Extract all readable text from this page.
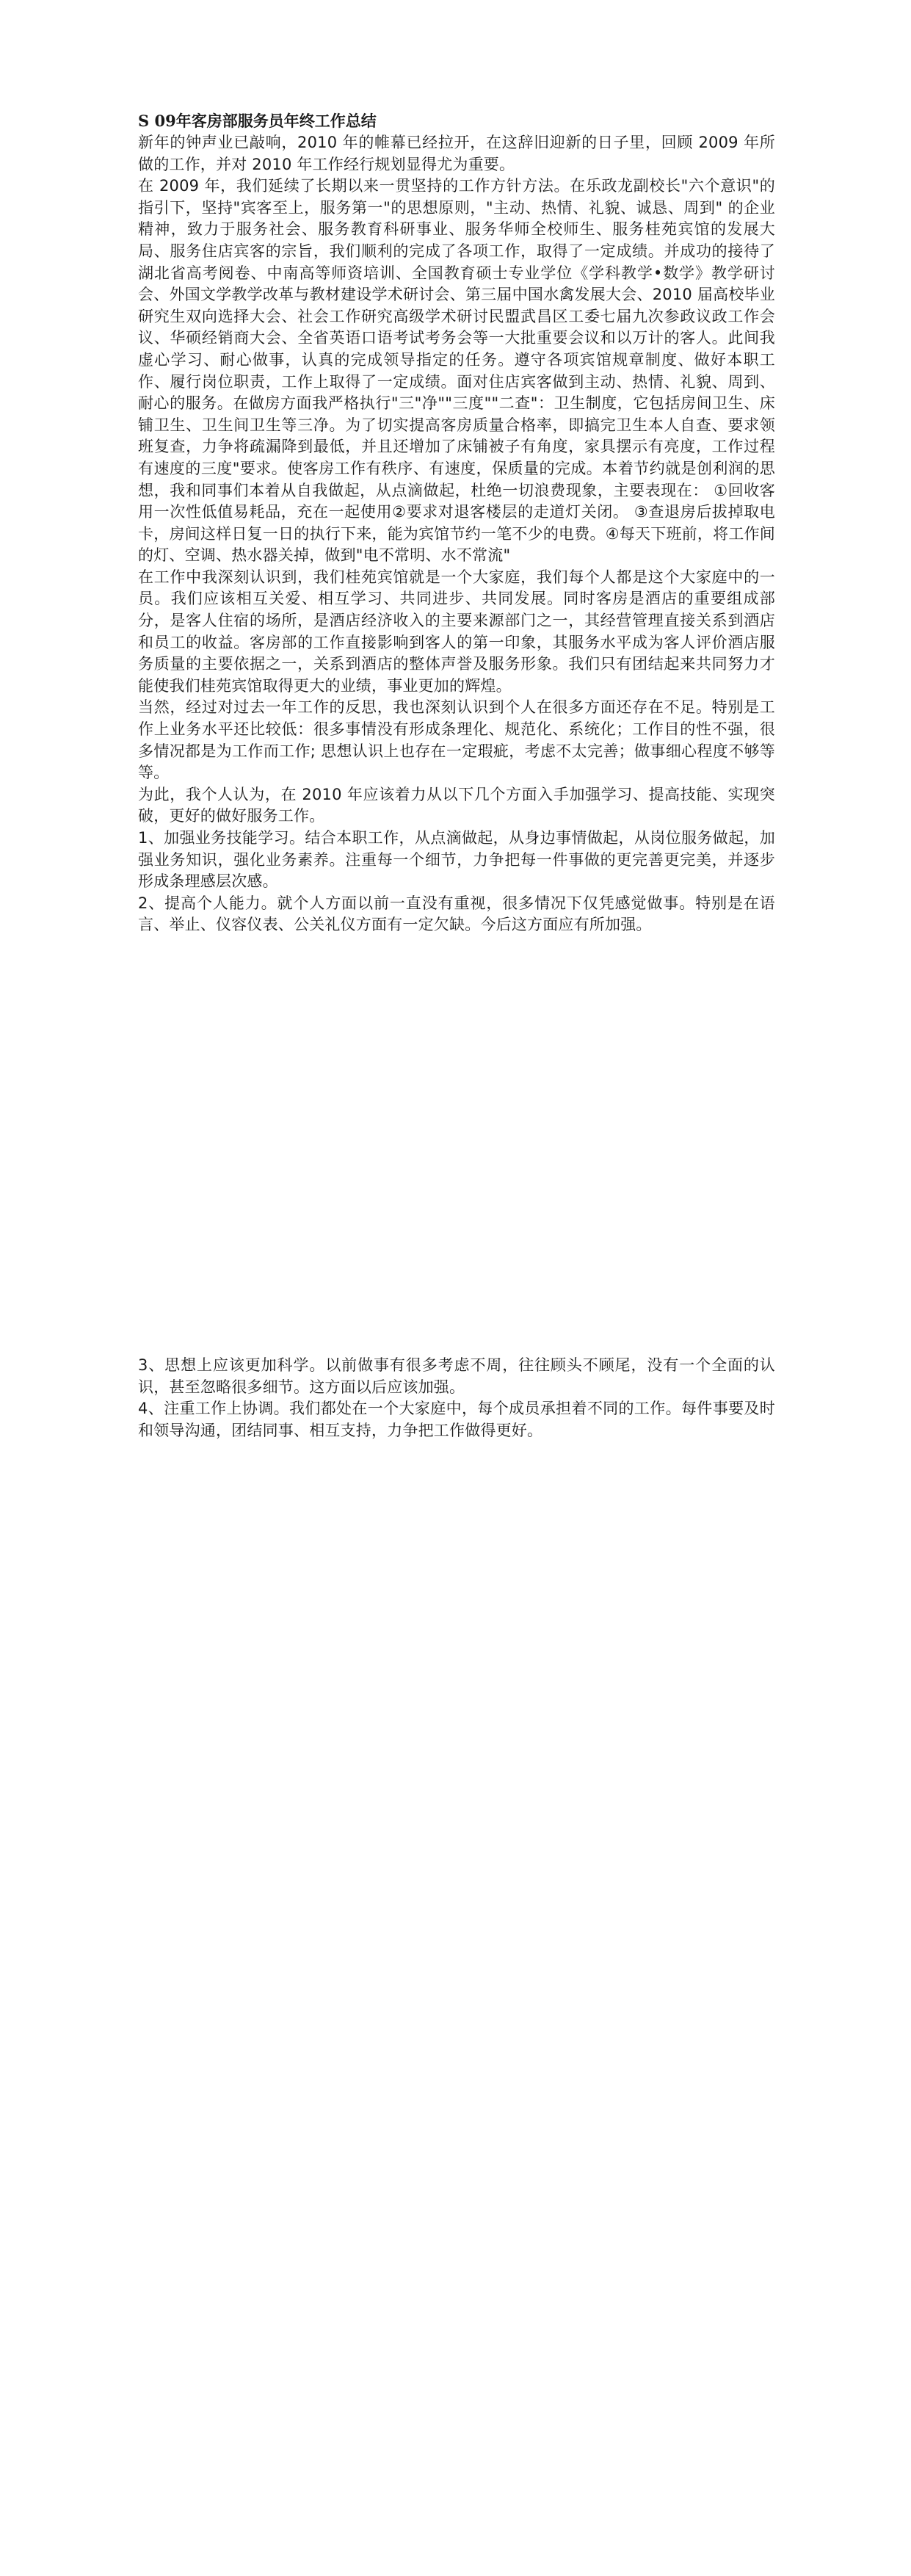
S 09年客房部服务员年终工作总结

新年的钟声业已敲响，2010 年的帷幕已经拉开，在这辞旧迎新的日子里，回顾 2009 年所做的工作，并对 2010 年工作经行规划显得尤为重要。

在 2009 年，我们延续了长期以来一贯坚持的工作方针方法。在乐政龙副校长"六个意识"的指引下，坚持"宾客至上，服务第一"的思想原则，"主动、热情、礼貌、诚恳、周到" 的企业精神，致力于服务社会、服务教育科研事业、服务华师全校师生、服务桂苑宾馆的发展大局、服务住店宾客的宗旨，我们顺利的完成了各项工作，取得了一定成绩。并成功的接待了湖北省高考阅卷、中南高等师资培训、全国教育硕士专业学位《学科教学•数学》教学研讨会、外国文学教学改革与教材建设学术研讨会、第三届中国水禽发展大会、2010 届高校毕业研究生双向选择大会、社会工作研究高级学术研讨民盟武昌区工委七届九次参政议政工作会议、华硕经销商大会、全省英语口语考试考务会等一大批重要会议和以万计的客人。此间我虚心学习、耐心做事，认真的完成领导指定的任务。遵守各项宾馆规章制度、做好本职工作、履行岗位职责，工作上取得了一定成绩。面对住店宾客做到主动、热情、礼貌、周到、耐心的服务。在做房方面我严格执行"三"净""三度""二查"：卫生制度，它包括房间卫生、床铺卫生、卫生间卫生等三净。为了切实提高客房质量合格率，即搞完卫生本人自查、要求领班复查，力争将疏漏降到最低，并且还增加了床铺被子有角度，家具摆示有亮度，工作过程有速度的三度"要求。使客房工作有秩序、有速度，保质量的完成。本着节约就是创利润的思想，我和同事们本着从自我做起，从点滴做起，杜绝一切浪费现象，主要表现在： ①回收客用一次性低值易耗品，充在一起使用②要求对退客楼层的走道灯关闭。 ③查退房后拔掉取电卡，房间这样日复一日的执行下来，能为宾馆节约一笔不少的电费。④每天下班前，将工作间的灯、空调、热水器关掉，做到"电不常明、水不常流"

在工作中我深刻认识到，我们桂苑宾馆就是一个大家庭，我们每个人都是这个大家庭中的一员。我们应该相互关爱、相互学习、共同进步、共同发展。同时客房是酒店的重要组成部分，是客人住宿的场所，是酒店经济收入的主要来源部门之一，其经营管理直接关系到酒店和员工的收益。客房部的工作直接影响到客人的第一印象，其服务水平成为客人评价酒店服务质量的主要依据之一，关系到酒店的整体声誉及服务形象。我们只有团结起来共同努力才能使我们桂苑宾馆取得更大的业绩，事业更加的辉煌。

当然，经过对过去一年工作的反思，我也深刻认识到个人在很多方面还存在不足。特别是工作上业务水平还比较低：很多事情没有形成条理化、规范化、系统化；工作目的性不强，很多情况都是为工作而工作; 思想认识上也存在一定瑕疵，考虑不太完善；做事细心程度不够等等。

为此，我个人认为，在 2010 年应该着力从以下几个方面入手加强学习、提高技能、实现突破，更好的做好服务工作。

1、加强业务技能学习。结合本职工作，从点滴做起，从身边事情做起，从岗位服务做起，加强业务知识，强化业务素养。注重每一个细节，力争把每一件事做的更完善更完美，并逐步形成条理感层次感。

2、提高个人能力。就个人方面以前一直没有重视，很多情况下仅凭感觉做事。特别是在语言、举止、仪容仪表、公关礼仪方面有一定欠缺。今后这方面应有所加强。

3、思想上应该更加科学。以前做事有很多考虑不周，往往顾头不顾尾，没有一个全面的认识，甚至忽略很多细节。这方面以后应该加强。

4、注重工作上协调。我们都处在一个大家庭中，每个成员承担着不同的工作。每件事要及时和领导沟通，团结同事、相互支持，力争把工作做得更好。
